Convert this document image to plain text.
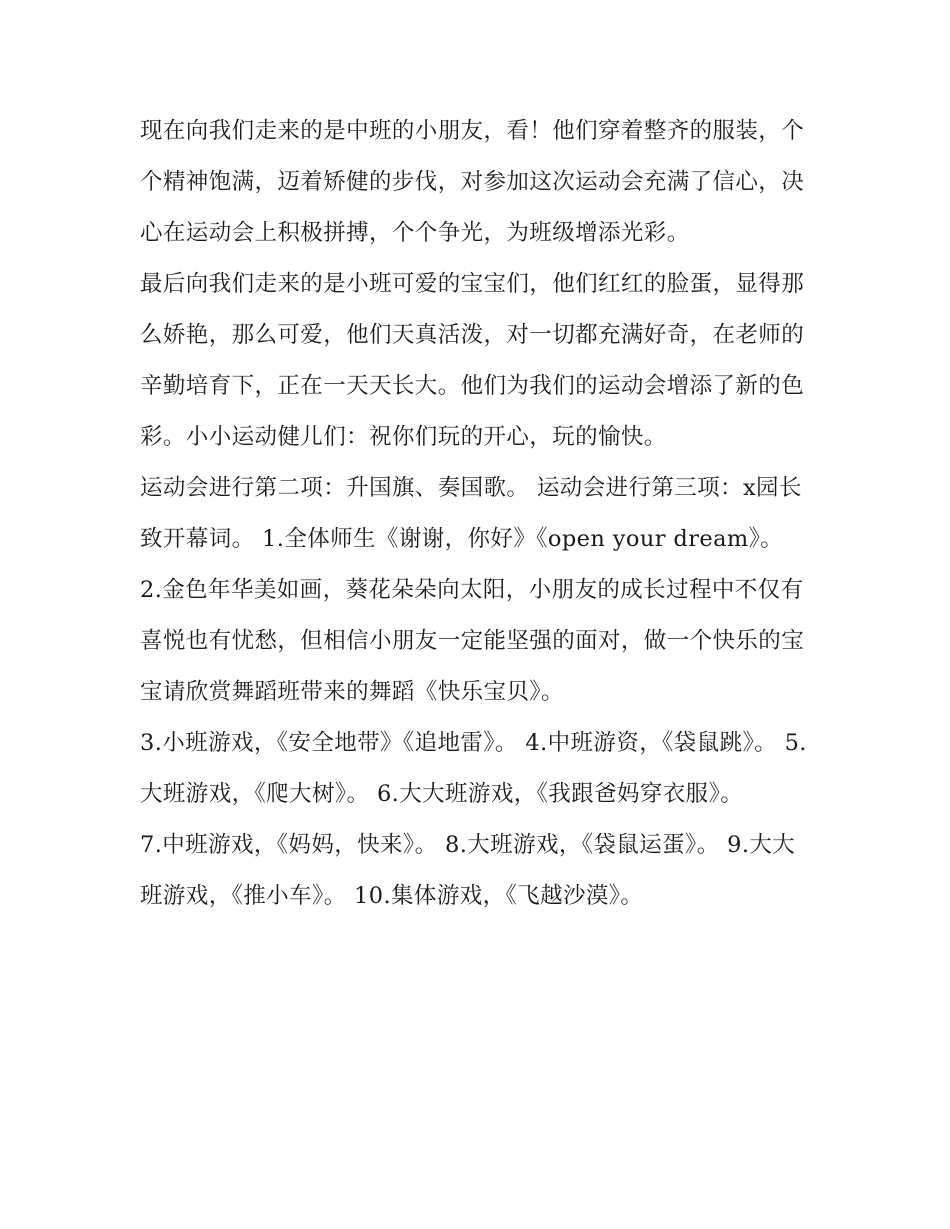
现在向我们走来的是中班的小朋友，看！他们穿着整齐的服装，个个精神饱满，迈着矫健的步伐，对参加这次运动会充满了信心，决心在运动会上积极拼搏，个个争光，为班级增添光彩。

最后向我们走来的是小班可爱的宝宝们，他们红红的脸蛋，显得那么娇艳，那么可爱，他们天真活泼，对一切都充满好奇，在老师的辛勤培育下，正在一天天长大。他们为我们的运动会增添了新的色彩。小小运动健儿们：祝你们玩的开心，玩的愉快。

运动会进行第二项：升国旗、奏国歌。 运动会进行第三项：x园长致开幕词。 1.全体师生《谢谢，你好》《open your dream》。

2.金色年华美如画，葵花朵朵向太阳，小朋友的成长过程中不仅有喜悦也有忧愁，但相信小朋友一定能坚强的面对，做一个快乐的宝宝请欣赏舞蹈班带来的舞蹈《快乐宝贝》。

3.小班游戏，《安全地带》《追地雷》。 4.中班游资，《袋鼠跳》。 5.大班游戏，《爬大树》。 6.大大班游戏，《我跟爸妈穿衣服》。

7.中班游戏，《妈妈，快来》。 8.大班游戏，《袋鼠运蛋》。 9.大大班游戏，《推小车》。 10.集体游戏，《飞越沙漠》。
